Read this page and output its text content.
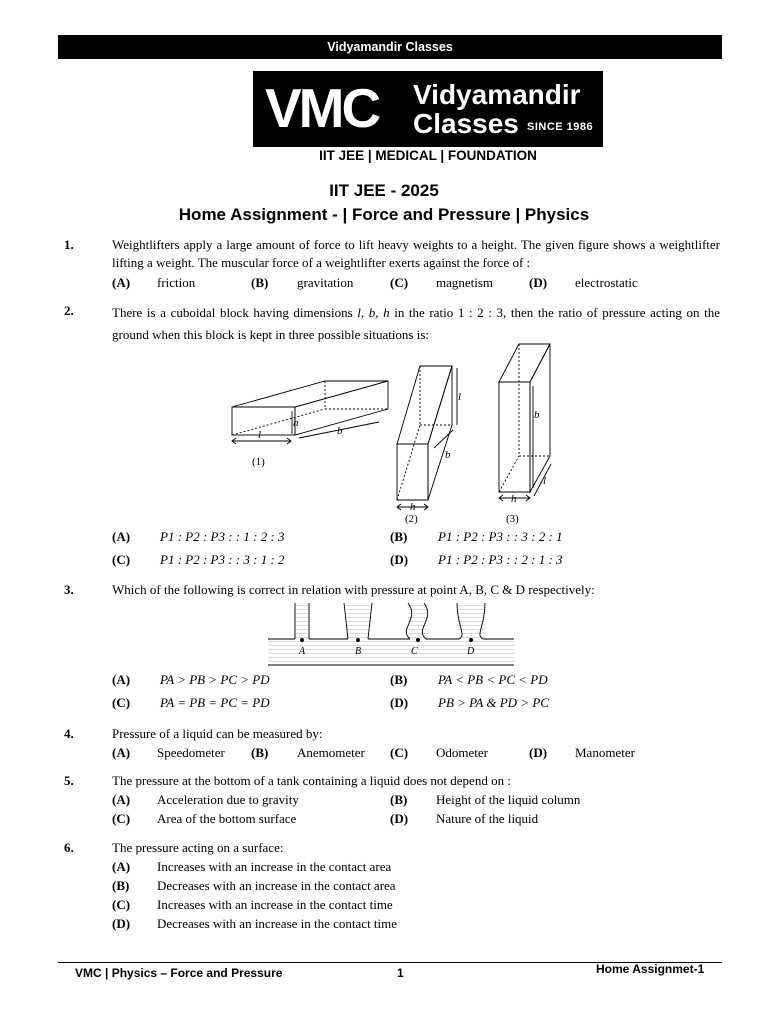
Vidyamandir Classes
VMC Vidyamandir
Classes SINCE 1986
IIT JEE | MEDICAL | FOUNDATION
IIT JEE - 2025
Home Assignment - | Force and Pressure | Physics
1.	Weightlifters apply a large amount of force to lift heavy weights to a height. The given figure shows a weightlifter lifting a weight. The muscular force of a weightlifter exerts against the force of :
(A) friction	(B) gravitation	(C) magnetism	(D) electrostatic
2.	There is a cuboidal block having dimensions l, b, h in the ratio 1 : 2 : 3, then the ratio of pressure acting on the ground when this block is kept in three possible situations is:
l	b
h
l
b
h
b
h
l
(1)
(2)	(3)
(A) P1 : P2 : P3 : : 1 : 2 : 3	(B) P1 : P2 : P3 : : 3 : 2 : 1
(C) P1 : P2 : P3 : : 3 : 1 : 2	(D) P1 : P2 : P3 : : 2 : 1 : 3
3.	Which of the following is correct in relation with pressure at point A, B, C & D respectively:
A	B	C	D
(A) PA > PB > PC > PD	(B) PA < PB < PC < PD
(C) PA = PB = PC = PD	(D) PB > PA & PD > PC
4.	Pressure of a liquid can be measured by:
(A) Speedometer (B) Anemometer (C) Odometer	(D) Manometer
5.	The pressure at the bottom of a tank containing a liquid does not depend on :
(A) Acceleration due to gravity	(B) Height of the liquid column
(C) Area of the bottom surface	(D) Nature of the liquid
6.	The pressure acting on a surface:
(A) Increases with an increase in the contact area
(B) Decreases with an increase in the contact area
(C) Increases with an increase in the contact time
(D) Decreases with an increase in the contact time
VMC | Physics – Force and Pressure	1	Home Assignmet-1
